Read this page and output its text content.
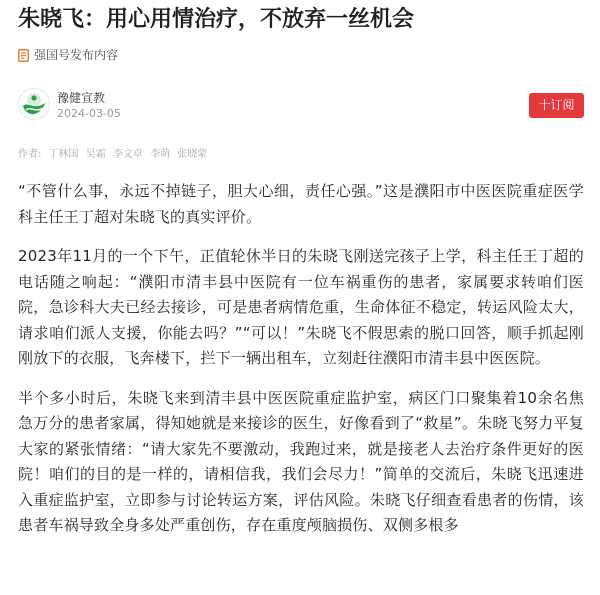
朱晓飞：用心用情治疗，不放弃一丝机会
强国号发布内容
豫健宣教
2024-03-05
十订阅
作者: 丁林国 吴霜 李文卓 李萌 张晓蒙

“不管什么事，永远不掉链子，胆大心细，责任心强。”这是濮阳市中医医院重症医学科主任王丁超对朱晓飞的真实评价。

2023年11月的一个下午，正值轮休半日的朱晓飞刚送完孩子上学，科主任王丁超的电话随之响起：“濮阳市清丰县中医院有一位车祸重伤的患者，家属要求转咱们医院，急诊科大夫已经去接诊，可是患者病情危重，生命体征不稳定，转运风险太大，请求咱们派人支援，你能去吗？”“可以！”朱晓飞不假思索的脱口回答，顺手抓起刚刚放下的衣服，飞奔楼下，拦下一辆出租车，立刻赶往濮阳市清丰县中医医院。

半个多小时后，朱晓飞来到清丰县中医医院重症监护室，病区门口聚集着10余名焦急万分的患者家属，得知她就是来接诊的医生，好像看到了“救星”。朱晓飞努力平复大家的紧张情绪：“请大家先不要激动，我跑过来，就是接老人去治疗条件更好的医院！咱们的目的是一样的，请相信我，我们会尽力！”简单的交流后，朱晓飞迅速进入重症监护室，立即参与讨论转运方案，评估风险。朱晓飞仔细查看患者的伤情，该患者车祸导致全身多处严重创伤，存在重度颅脑损伤、双侧多根多
